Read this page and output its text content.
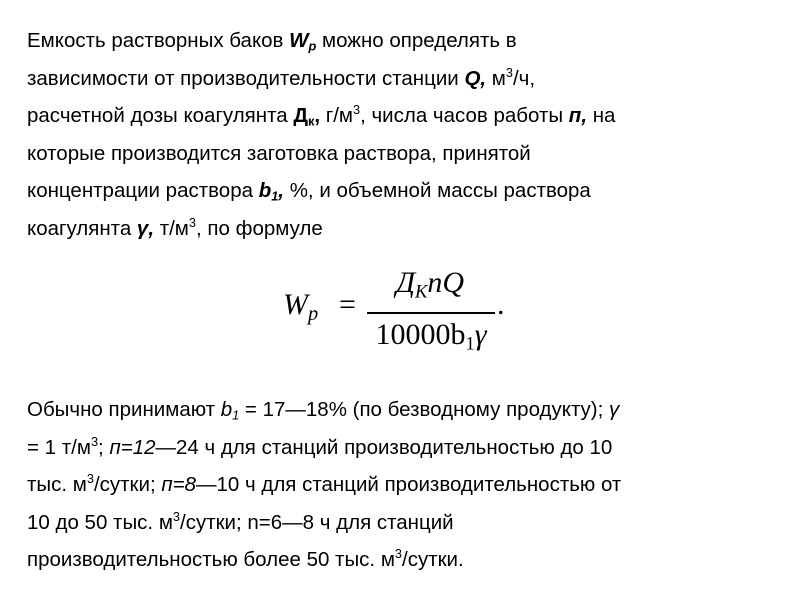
Емкость растворных баков $W_p$ можно определять в
зависимости от производительности станции Q, $м^3/ч$,
расчетной дозы коагулянта $Д_к$, $г/м^3$, числа часов работы п, на
которые производится заготовка раствора, принятой
концентрации раствора $b_1$, %, и объемной массы раствора
коагулянта γ, $т/м^3$, по формуле

$W_p$ =
$Д_КnQ$
$10000b_1\gamma$
.

Обычно принимают $b_1$ = 17—18% (по безводному продукту); γ
= 1 $т/м^3$; п=12—24 ч для станций производительностью до 10
тыс. $м^3$/сутки; п=8—10 ч для станций производительностью от
10 до 50 тыс. $м^3$/сутки; n=6—8 ч для станций
производительностью более 50 тыс. $м^3$/сутки.
